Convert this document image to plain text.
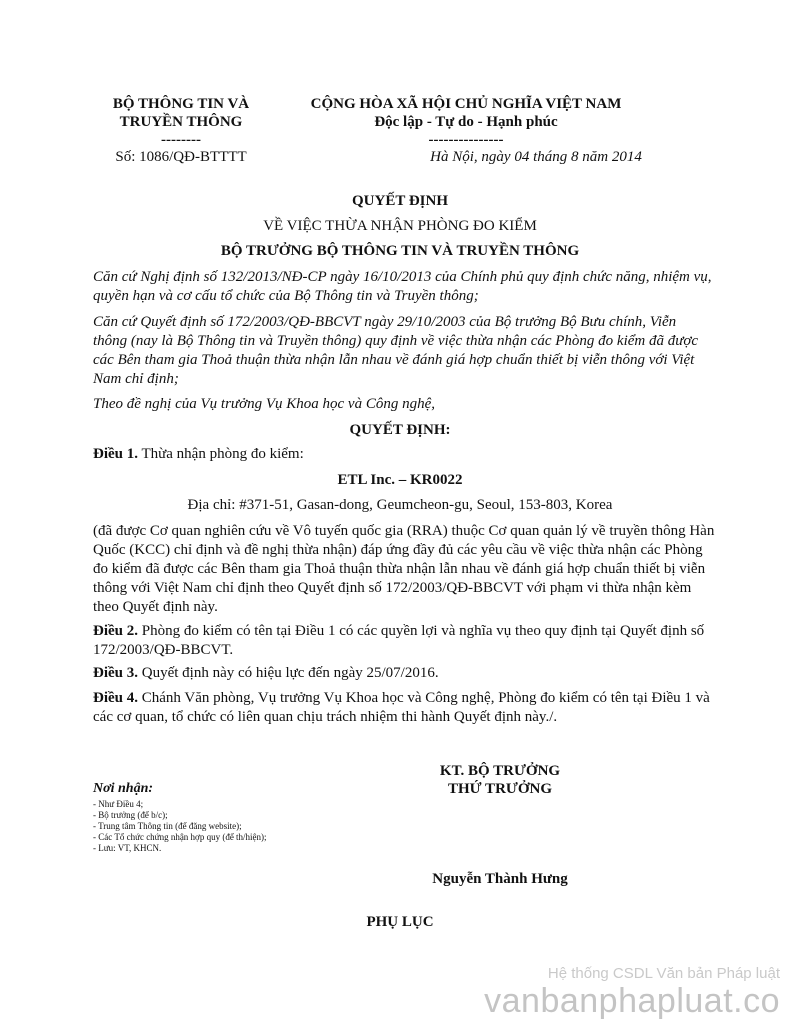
BỘ THÔNG TIN VÀ
TRUYỀN THÔNG
--------
Số: 1086/QĐ-BTTTT
CỘNG HÒA XÃ HỘI CHỦ NGHĨA VIỆT NAM
Độc lập - Tự do - Hạnh phúc
---------------
Hà Nội, ngày 04 tháng 8 năm 2014
QUYẾT ĐỊNH
VỀ VIỆC THỪA NHẬN PHÒNG ĐO KIỂM
BỘ TRƯỞNG BỘ THÔNG TIN VÀ TRUYỀN THÔNG
Căn cứ Nghị định số 132/2013/NĐ-CP ngày 16/10/2013 của Chính phủ quy định chức năng, nhiệm vụ, quyền hạn và cơ cấu tổ chức của Bộ Thông tin và Truyền thông;
Căn cứ Quyết định số 172/2003/QĐ-BBCVT ngày 29/10/2003 của Bộ trưởng Bộ Bưu chính, Viễn thông (nay là Bộ Thông tin và Truyền thông) quy định về việc thừa nhận các Phòng đo kiểm đã được các Bên tham gia Thoả thuận thừa nhận lẫn nhau về đánh giá hợp chuẩn thiết bị viễn thông với Việt Nam chỉ định;
Theo đề nghị của Vụ trưởng Vụ Khoa học và Công nghệ,
QUYẾT ĐỊNH:
Điều 1. Thừa nhận phòng đo kiểm:
ETL Inc. – KR0022
Địa chỉ: #371-51, Gasan-dong, Geumcheon-gu, Seoul, 153-803, Korea
(đã được Cơ quan nghiên cứu về Vô tuyến quốc gia (RRA) thuộc Cơ quan quản lý về truyền thông Hàn Quốc (KCC) chỉ định và đề nghị thừa nhận) đáp ứng đầy đủ các yêu cầu về việc thừa nhận các Phòng đo kiểm đã được các Bên tham gia Thoả thuận thừa nhận lẫn nhau về đánh giá hợp chuẩn thiết bị viễn thông với Việt Nam chỉ định theo Quyết định số 172/2003/QĐ-BBCVT với phạm vi thừa nhận kèm theo Quyết định này.
Điều 2. Phòng đo kiểm có tên tại Điều 1 có các quyền lợi và nghĩa vụ theo quy định tại Quyết định số 172/2003/QĐ-BBCVT.
Điều 3. Quyết định này có hiệu lực đến ngày 25/07/2016.
Điều 4. Chánh Văn phòng, Vụ trưởng Vụ Khoa học và Công nghệ, Phòng đo kiểm có tên tại Điều 1 và các cơ quan, tổ chức có liên quan chịu trách nhiệm thi hành Quyết định này./.
KT. BỘ TRƯỞNG
THỨ TRƯỞNG
Nguyễn Thành Hưng
Nơi nhận:
- Như Điều 4;
- Bộ trưởng (để b/c);
- Trung tâm Thông tin (để đăng website);
- Các Tổ chức chứng nhận hợp quy (để th/hiện);
- Lưu: VT, KHCN.
PHỤ LỤC
Hệ thống CSDL Văn bản Pháp luật
vanbanphapluat.co
